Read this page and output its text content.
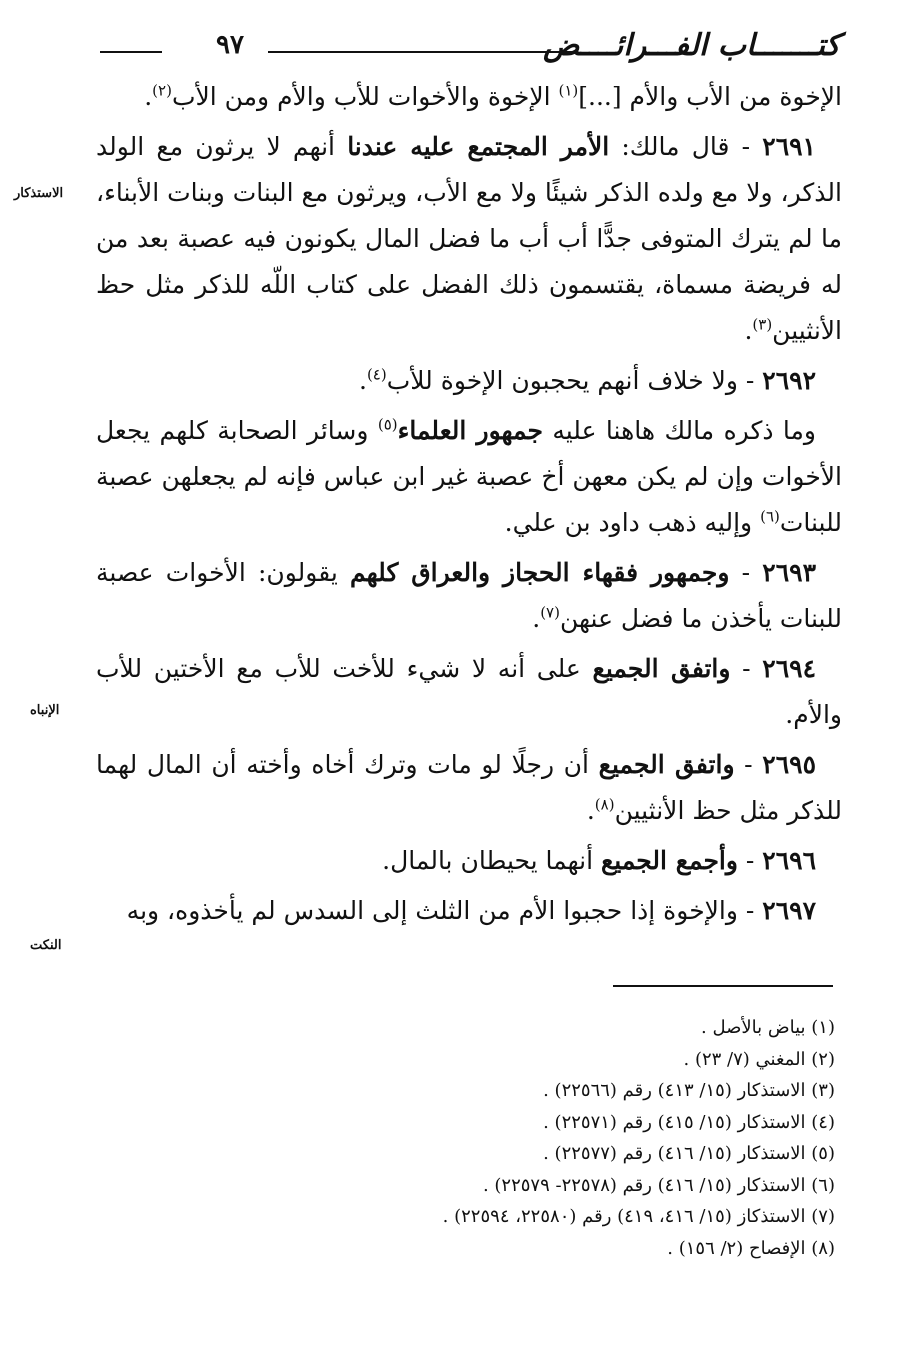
كتـــــــاب الفـــرائــــض
٩٧
الاستذكار
الإنباه
النكت

الإخوة من الأب والأم [...]$^{(١)}$ الإخوة والأخوات للأب والأم ومن الأب$^{(٢)}$.

٢٦٩١ - قال مالك: الأمر المجتمع عليه عندنا أنهم لا يرثون مع الولد الذكر، ولا مع ولده الذكر شيئًا ولا مع الأب، ويرثون مع البنات وبنات الأبناء، ما لم يترك المتوفى جدًّا أب أب ما فضل المال يكونون فيه عصبة بعد من له فريضة مسماة، يقتسمون ذلك الفضل على كتاب اللّه للذكر مثل حظ الأنثيين$^{(٣)}$.

٢٦٩٢ - ولا خلاف أنهم يحجبون الإخوة للأب$^{(٤)}$.

وما ذكره مالك هاهنا عليه جمهور العلماء$^{(٥)}$ وسائر الصحابة كلهم يجعل الأخوات وإن لم يكن معهن أخ عصبة غير ابن عباس فإنه لم يجعلهن عصبة للبنات$^{(٦)}$ وإليه ذهب داود بن علي.

٢٦٩٣ - وجمهور فقهاء الحجاز والعراق كلهم يقولون: الأخوات عصبة للبنات يأخذن ما فضل عنهن$^{(٧)}$.

٢٦٩٤ - واتفق الجميع على أنه لا شيء للأخت للأب مع الأختين للأب والأم.

٢٦٩٥ - واتفق الجميع أن رجلًا لو مات وترك أخاه وأخته أن المال لهما للذكر مثل حظ الأنثيين$^{(٨)}$.

٢٦٩٦ - وأجمع الجميع أنهما يحيطان بالمال.

٢٦٩٧ - والإخوة إذا حجبوا الأم من الثلث إلى السدس لم يأخذوه، وبه

(١) بياض بالأصل .

(٢) المغني (٧/ ٢٣) .

(٣) الاستذكار (١٥/ ٤١٣) رقم (٢٢٥٦٦) .

(٤) الاستذكار (١٥/ ٤١٥) رقم (٢٢٥٧١) .

(٥) الاستذكار (١٥/ ٤١٦) رقم (٢٢٥٧٧) .

(٦) الاستذكار (١٥/ ٤١٦) رقم (٢٢٥٧٨- ٢٢٥٧٩) .

(٧) الاستذكاز (١٥/ ٤١٦، ٤١٩) رقم (٢٢٥٨٠، ٢٢٥٩٤) .

(٨) الإفصاح (٢/ ١٥٦) .
